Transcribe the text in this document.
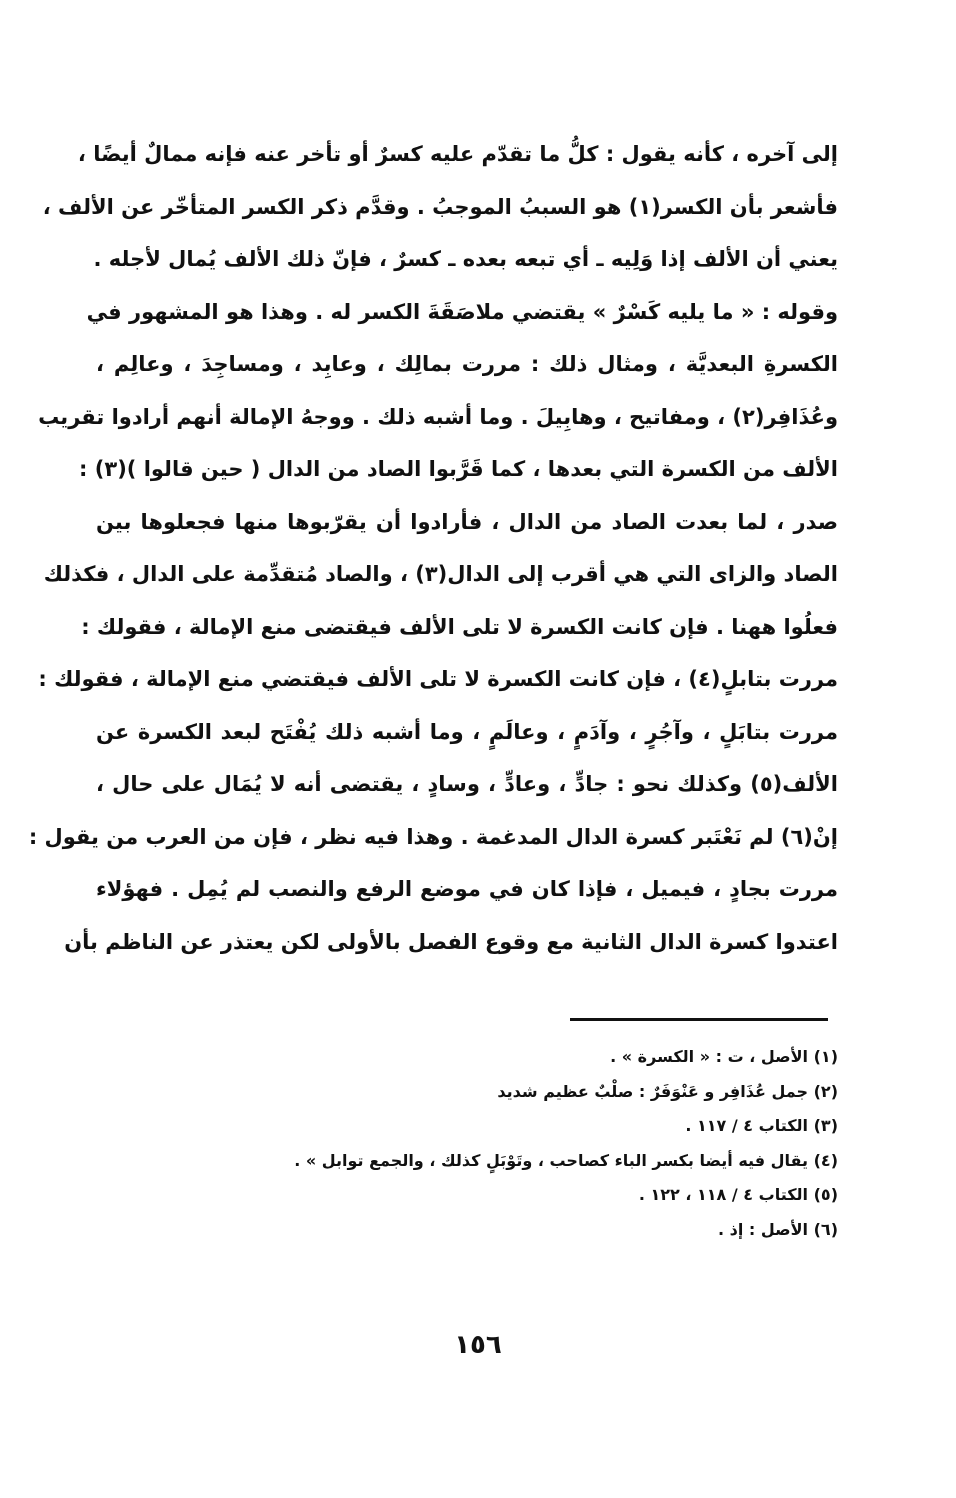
إلى آخره ، كأنه يقول : كلُّ ما تقدّم عليه كسرٌ أو تأخر عنه فإنه ممالٌ أيضًا ،
فأشعر بأن الكسر(١) هو السببُ الموجبُ . وقدَّم ذكر الكسر المتأخّر عن الألف ،
يعني أن الألف إذا وَلِيه ـ أي تبعه بعده ـ كسرٌ ، فإنّ ذلك الألف يُمال لأجله .
وقوله : « ما يليه كَسْرٌ » يقتضي ملاصَقَةَ الكسر له . وهذا هو المشهور في
الكسرةِ البعديَّة ، ومثال ذلك : مررت بمالِك ، وعابِد ، ومساجِدَ ، وعالِم ،
وعُذَافِر(٢) ، ومفاتيح ، وهابِيلَ . وما أشبه ذلك . ووجهُ الإمالة أنهم أرادوا تقريب
الألف من الكسرة التي بعدها ، كما قَرَّبوا الصاد من الدال ( حين قالوا )(٣) :
صدر ، لما بعدت الصاد من الدال ، فأرادوا أن يقرّبوها منها فجعلوها بين
الصاد والزاى التي هي أقرب إلى الدال(٣) ، والصاد مُتقدِّمة على الدال ، فكذلك
فعلُوا ههنا . فإن كانت الكسرة لا تلى الألف فيقتضى منع الإمالة ، فقولك :
مررت بتابلٍ(٤) ، فإن كانت الكسرة لا تلى الألف فيقتضي منع الإمالة ، فقولك :
مررت بتابَلٍ ، وآجُرٍ ، وآدَمٍ ، وعالَمٍ ، وما أشبه ذلك يُفْتَح لبعد الكسرة عن
الألف(٥) وكذلك نحو : جادٍّ ، وعادٍّ ، وسادٍ ، يقتضى أنه لا يُمَال على حال ،
إنْ(٦) لم نَعْتَبر كسرة الدال المدغمة . وهذا فيه نظر ، فإن من العرب من يقول :
مررت بجادٍ ، فيميل ، فإذا كان في موضع الرفع والنصب لم يُمِل . فهؤلاء
اعتدوا كسرة الدال الثانية مع وقوع الفصل بالأولى لكن يعتذر عن الناظم بأن
(١) الأصل ، ت : « الكسرة » .
(٢) جمل عُذَافِر و عَنْوَفَرٌ : صلْبٌ عظيم شديد
(٣) الكتاب ٤ / ١١٧ .
(٤) يقال فيه أيضا بكسر الباء كصاحب ، وتَوْبَلٍ كذلك ، والجمع توابل » .
(٥) الكتاب ٤ / ١١٨ ، ١٢٢ .
(٦) الأصل : إذ .
١٥٦
